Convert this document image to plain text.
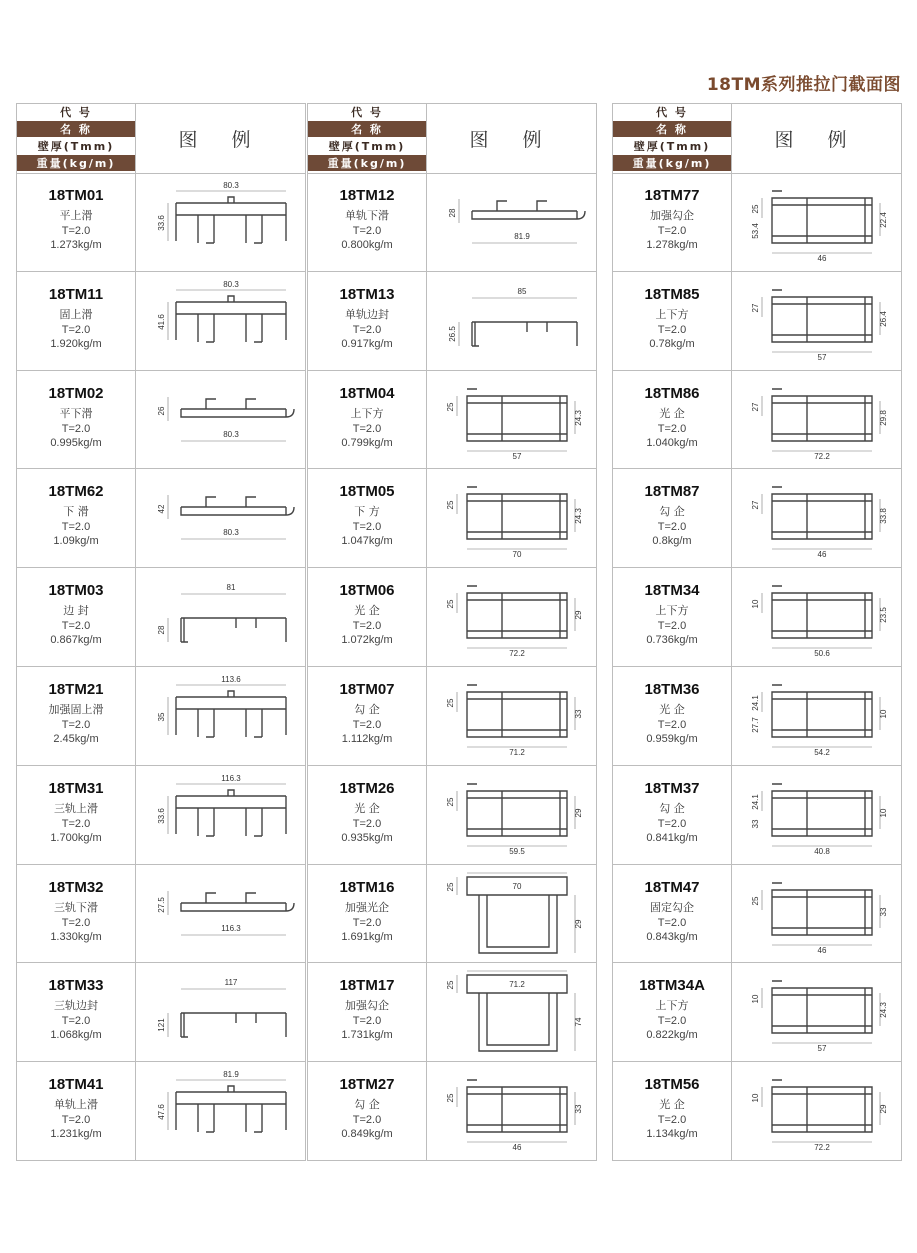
18TM系列推拉门截面图
代 号
名 称
壁厚(Tmm)
重量(kg/m)
图 例
18TM01
平上滑
T=2.0
1.273kg/m
80.3
33.6
18TM11
固上滑
T=2.0
1.920kg/m
80.3
41.6
18TM02
平下滑
T=2.0
0.995kg/m
80.3
26
18TM62
下 滑
T=2.0
1.09kg/m
80.3
42
18TM03
边 封
T=2.0
0.867kg/m
81
28
18TM21
加强固上滑
T=2.0
2.45kg/m
113.6
35
18TM31
三轨上滑
T=2.0
1.700kg/m
116.3
33.6
18TM32
三轨下滑
T=2.0
1.330kg/m
116.3
27.5
18TM33
三轨边封
T=2.0
1.068kg/m
117
121
18TM41
单轨上滑
T=2.0
1.231kg/m
81.9
47.6
代 号
名 称
壁厚(Tmm)
重量(kg/m)
图 例
18TM12
单轨下滑
T=2.0
0.800kg/m
81.9
28
18TM13
单轨边封
T=2.0
0.917kg/m
85
26.5
18TM04
上下方
T=2.0
0.799kg/m
57
25
24.3
18TM05
下 方
T=2.0
1.047kg/m
70
25
24.3
18TM06
光 企
T=2.0
1.072kg/m
72.2
25
29
18TM07
勾 企
T=2.0
1.112kg/m
71.2
25
33
18TM26
光 企
T=2.0
0.935kg/m
59.5
25
29
18TM16
加强光企
T=2.0
1.691kg/m
70
25
29
18TM17
加强勾企
T=2.0
1.731kg/m
71.2
25
74
18TM27
勾 企
T=2.0
0.849kg/m
46
25
33
代 号
名 称
壁厚(Tmm)
重量(kg/m)
图 例
18TM77
加强勾企
T=2.0
1.278kg/m
46
25
22.4
53.4
18TM85
上下方
T=2.0
0.78kg/m
57
27
26.4
18TM86
光 企
T=2.0
1.040kg/m
72.2
27
29.8
18TM87
勾 企
T=2.0
0.8kg/m
46
27
33.8
18TM34
上下方
T=2.0
0.736kg/m
50.6
10
23.5
18TM36
光 企
T=2.0
0.959kg/m
54.2
24.1
10
27.7
18TM37
勾 企
T=2.0
0.841kg/m
40.8
24.1
10
33
18TM47
固定勾企
T=2.0
0.843kg/m
46
25
33
18TM34A
上下方
T=2.0
0.822kg/m
57
10
24.3
18TM56
光 企
T=2.0
1.134kg/m
72.2
10
29
